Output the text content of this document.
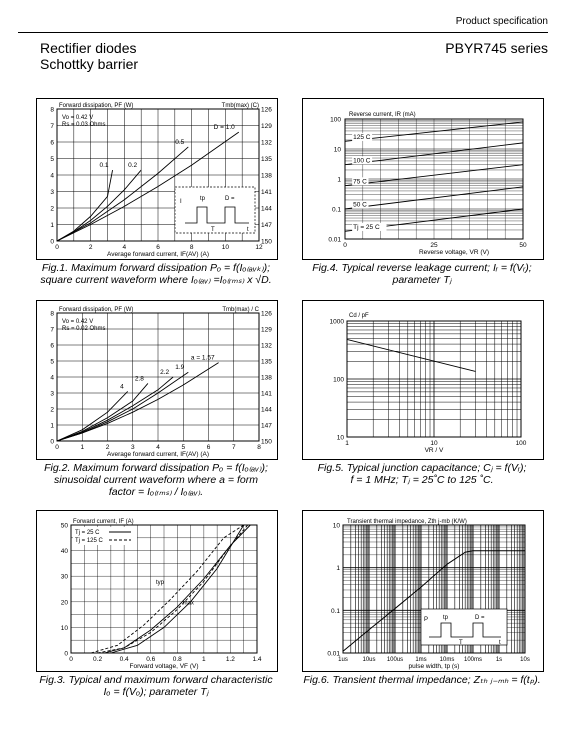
Product specification
Rectifier diodes
Schottky barrier
PBYR745 series
0	2	4	6	8	10	12
0
1
2
3
4
5
6
7
8	126
129
132
135
138
141
144
147
150
Forward dissipation, PF (W)	Tmb(max) (C)
Average forward current, IF(AV) (A)
Vo = 0.42 V
Rs = 0.03 Ohms
0.1	0.2
0.5
D = 1.0
I	tp	D =
T	t
Fig.1. Maximum forward dissipation Pₒ = f(Iₒ₍ₐᵥₖ₎);
square current waveform where Iₒ₍ₐᵥ₎ =Iₒ₍ᵣₘₛ₎ x √D.
0	25	50
100
10
1
0.1
0.01
Reverse current, IR (mA)
Reverse voltage, VR (V)
125 C
100 C
75 C
50 C
Tj = 25 C
Fig.4. Typical reverse leakage current; Iᵣ = f(Vᵣ);
parameter Tⱼ
0	1	2	3	4	5	6	7	8
0
1
2
3
4
5
6
7
8	126
129
132
135
138
141
144
147
150
Forward dissipation, PF (W)	Tmb(max) / C
Average forward current, IF(AV) (A)
Vo = 0.42 V
Rs = 0.02 Ohms
4
2.8
2.2
1.9
a = 1.57
Fig.2. Maximum forward dissipation Pₒ = f(Iₒ₍ₐᵥ₎);
sinusoidal current waveform where a = form
factor = Iₒ₍ᵣₘₛ₎ / Iₒ₍ₐᵥ₎.
1	10	100
1000
100
10
Cd / pF
VR / V
Fig.5. Typical junction capacitance; Cⱼ = f(Vᵣ);
f = 1 MHz; Tⱼ = 25˚C to 125 ˚C.
0	0.2	0.4	0.6	0.8	1	1.2	1.4
0
10
20
30
40
50
Forward current, IF (A)
Forward voltage, VF (V)
Tj = 25 C
Tj = 125 C
typ
max
Fig.3. Typical and maximum forward characteristic
Iₒ = f(Vₒ); parameter Tⱼ
1us 10us 100us 1ms 10ms 100ms 1s	10s
10
1
0.1
0.01
Transient thermal impedance, Zth j-mb (K/W)
pulse width, tp (s)
P tp	D =
T	t
Fig.6. Transient thermal impedance; Zₜₕ ⱼ₋ₘₕ = f(tₚ).
